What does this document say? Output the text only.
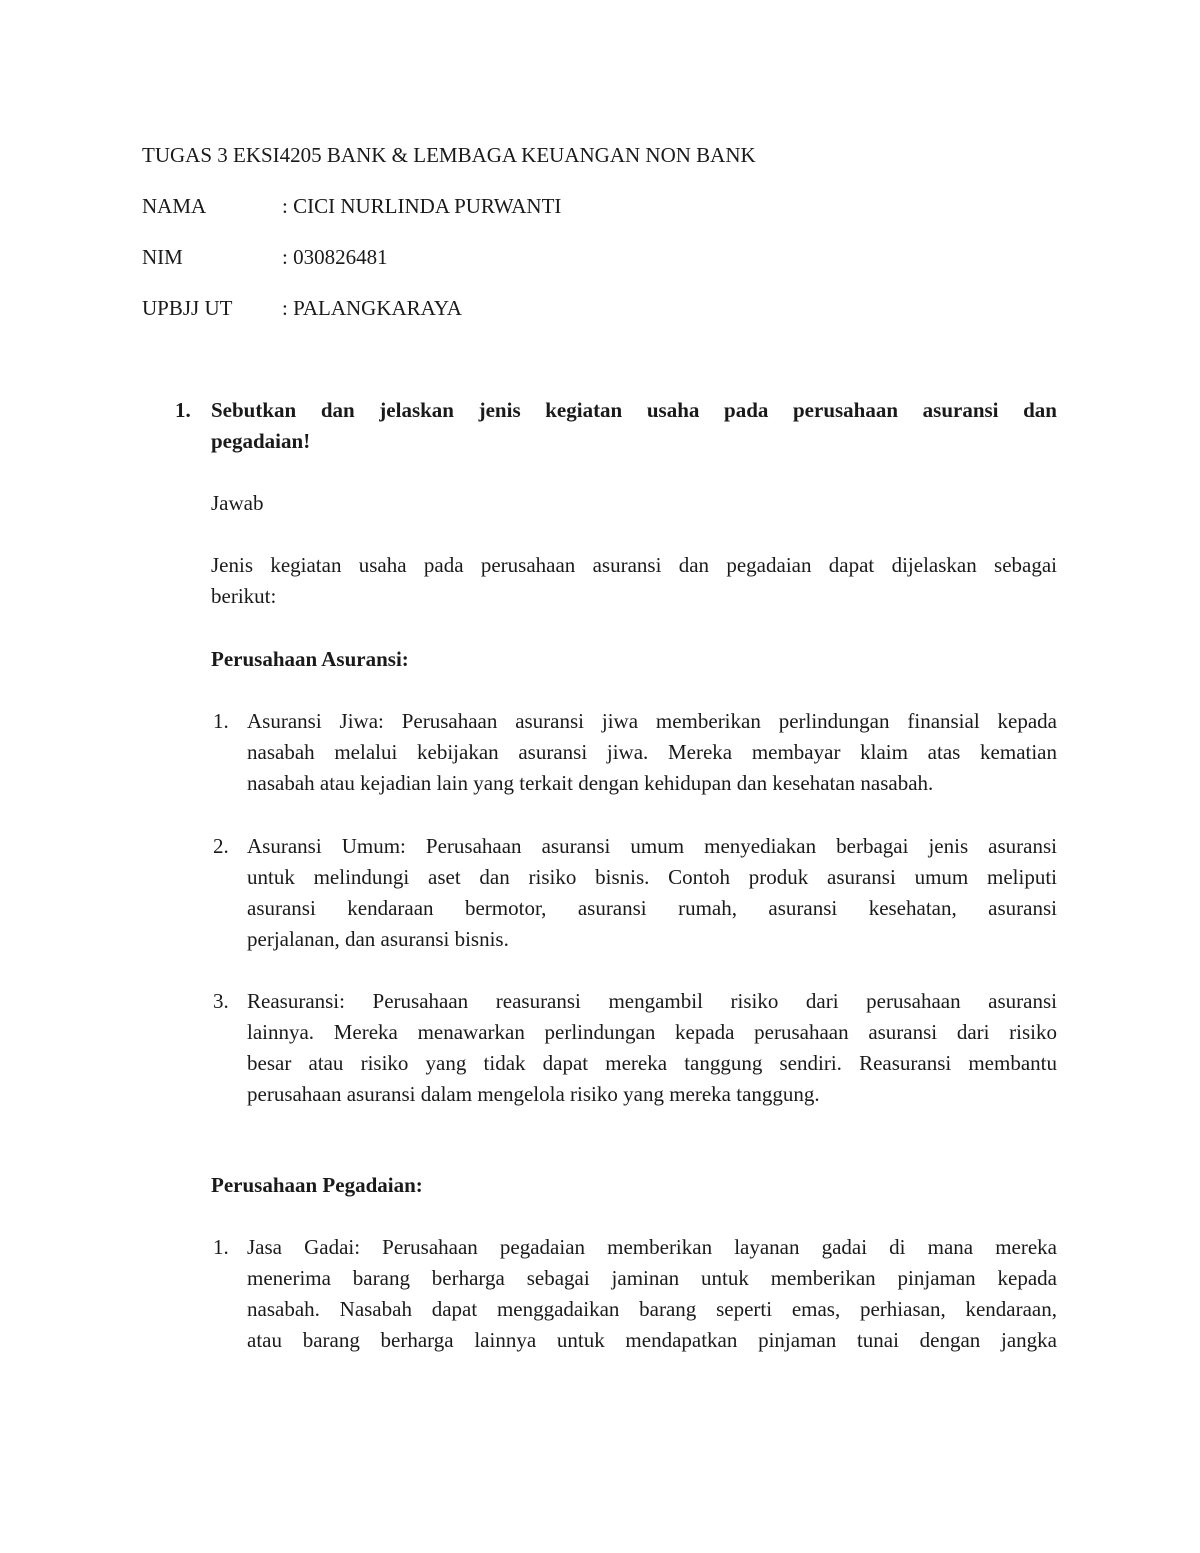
TUGAS 3 EKSI4205 BANK & LEMBAGA KEUANGAN NON BANK
NAMA	: CICI NURLINDA PURWANTI
NIM	: 030826481
UPBJJ UT : PALANGKARAYA
1. Sebutkan dan jelaskan jenis kegiatan usaha pada perusahaan asuransi dan
pegadaian!
Jawab
Jenis kegiatan usaha pada perusahaan asuransi dan pegadaian dapat dijelaskan sebagai
berikut:
Perusahaan Asuransi:
1. Asuransi Jiwa: Perusahaan asuransi jiwa memberikan perlindungan finansial kepada
nasabah melalui kebijakan asuransi jiwa. Mereka membayar klaim atas kematian
nasabah atau kejadian lain yang terkait dengan kehidupan dan kesehatan nasabah.
2. Asuransi Umum: Perusahaan asuransi umum menyediakan berbagai jenis asuransi
untuk melindungi aset dan risiko bisnis. Contoh produk asuransi umum meliputi
asuransi kendaraan bermotor, asuransi rumah, asuransi kesehatan, asuransi
perjalanan, dan asuransi bisnis.
3. Reasuransi: Perusahaan reasuransi mengambil risiko dari perusahaan asuransi
lainnya. Mereka menawarkan perlindungan kepada perusahaan asuransi dari risiko
besar atau risiko yang tidak dapat mereka tanggung sendiri. Reasuransi membantu
perusahaan asuransi dalam mengelola risiko yang mereka tanggung.
Perusahaan Pegadaian:
1. Jasa Gadai: Perusahaan pegadaian memberikan layanan gadai di mana mereka
menerima barang berharga sebagai jaminan untuk memberikan pinjaman kepada
nasabah. Nasabah dapat menggadaikan barang seperti emas, perhiasan, kendaraan,
atau barang berharga lainnya untuk mendapatkan pinjaman tunai dengan jangka
